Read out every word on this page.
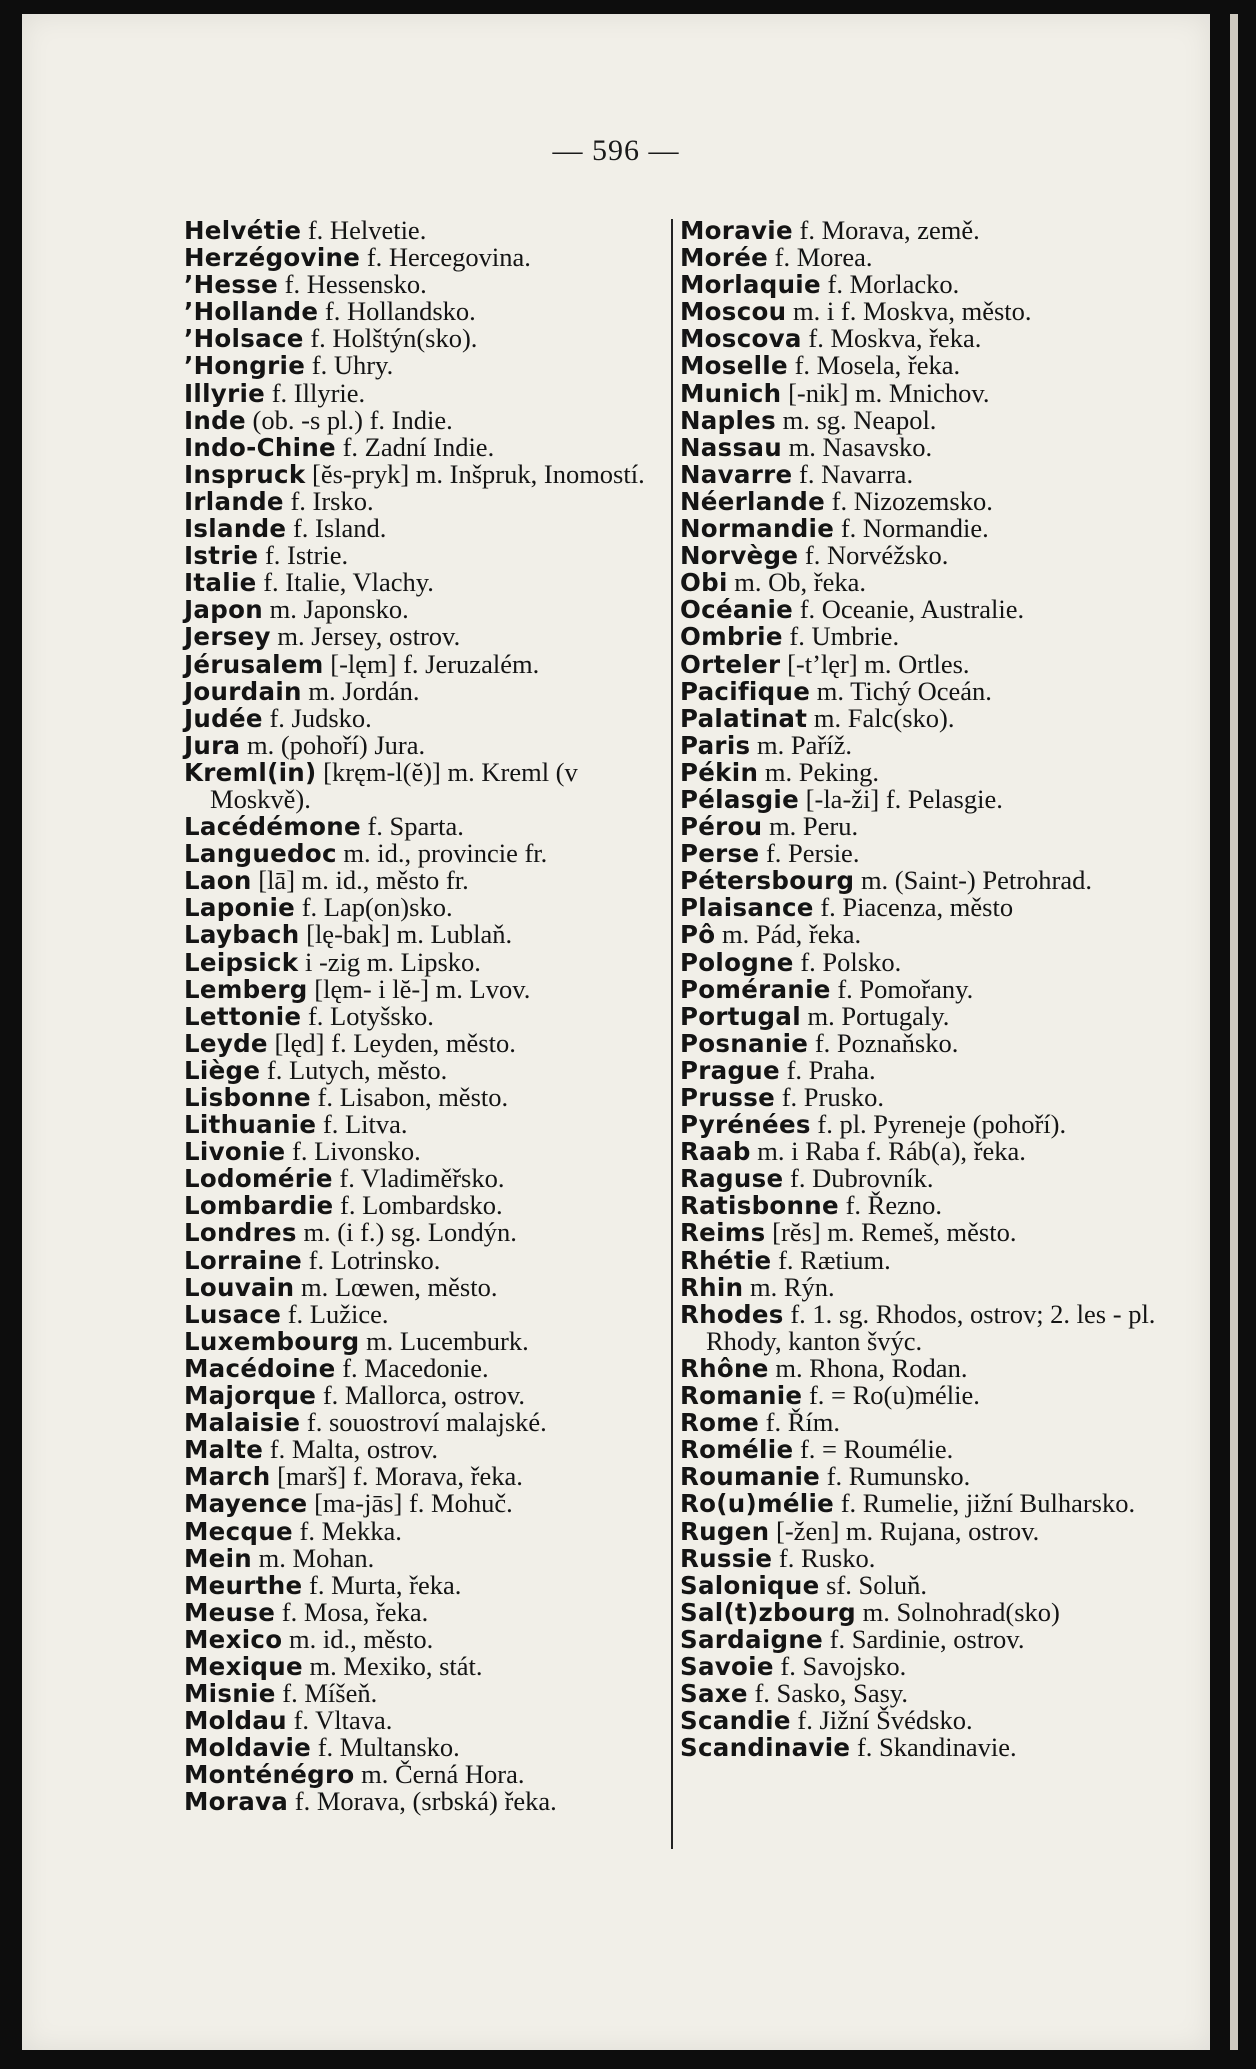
— 596 —

Helvétie f. Helvetie.

Herzégovine f. Hercegovina.

’Hesse f. Hessensko.

’Hollande f. Hollandsko.

’Holsace f. Holštýn(sko).

’Hongrie f. Uhry.

Illyrie f. Illyrie.

Inde (ob. -s pl.) f. Indie.

Indo-Chine f. Zadní Indie.

Inspruck [ĕs-pryk] m. Inšpruk, Inomostí.

Irlande f. Irsko.

Islande f. Island.

Istrie f. Istrie.

Italie f. Italie, Vlachy.

Japon m. Japonsko.

Jersey m. Jersey, ostrov.

Jérusalem [-lęm] f. Jeruzalém.

Jourdain m. Jordán.

Judée f. Judsko.

Jura m. (pohoří) Jura.

Kreml(in) [kręm-l(ĕ)] m. Kreml (v Moskvě).

Lacédémone f. Sparta.

Languedoc m. id., provincie fr.

Laon [lā] m. id., město fr.

Laponie f. Lap(on)sko.

Laybach [lę-bak] m. Lublaň.

Leipsick i -zig m. Lipsko.

Lemberg [lęm- i lĕ-] m. Lvov.

Lettonie f. Lotyšsko.

Leyde [lęd] f. Leyden, město.

Liège f. Lutych, město.

Lisbonne f. Lisabon, město.

Lithuanie f. Litva.

Livonie f. Livonsko.

Lodomérie f. Vladiměřsko.

Lombardie f. Lombardsko.

Londres m. (i f.) sg. Londýn.

Lorraine f. Lotrinsko.

Louvain m. Lœwen, město.

Lusace f. Lužice.

Luxembourg m. Lucemburk.

Macédoine f. Macedonie.

Majorque f. Mallorca, ostrov.

Malaisie f. souostroví malajské.

Malte f. Malta, ostrov.

March [marš] f. Morava, řeka.

Mayence [ma-jās] f. Mohuč.

Mecque f. Mekka.

Mein m. Mohan.

Meurthe f. Murta, řeka.

Meuse f. Mosa, řeka.

Mexico m. id., město.

Mexique m. Mexiko, stát.

Misnie f. Míšeň.

Moldau f. Vltava.

Moldavie f. Multansko.

Monténégro m. Černá Hora.

Morava f. Morava, (srbská) řeka.

Moravie f. Morava, země.

Morée f. Morea.

Morlaquie f. Morlacko.

Moscou m. i f. Moskva, město.

Moscova f. Moskva, řeka.

Moselle f. Mosela, řeka.

Munich [-nik] m. Mnichov.

Naples m. sg. Neapol.

Nassau m. Nasavsko.

Navarre f. Navarra.

Néerlande f. Nizozemsko.

Normandie f. Normandie.

Norvège f. Norvéžsko.

Obi m. Ob, řeka.

Océanie f. Oceanie, Australie.

Ombrie f. Umbrie.

Orteler [-t’lęr] m. Ortles.

Pacifique m. Tichý Oceán.

Palatinat m. Falc(sko).

Paris m. Paříž.

Pékin m. Peking.

Pélasgie [-la-ži] f. Pelasgie.

Pérou m. Peru.

Perse f. Persie.

Pétersbourg m. (Saint-) Petrohrad.

Plaisance f. Piacenza, město

Pô m. Pád, řeka.

Pologne f. Polsko.

Poméranie f. Pomořany.

Portugal m. Portugaly.

Posnanie f. Poznaňsko.

Prague f. Praha.

Prusse f. Prusko.

Pyrénées f. pl. Pyreneje (pohoří).

Raab m. i Raba f. Ráb(a), řeka.

Raguse f. Dubrovník.

Ratisbonne f. Řezno.

Reims [rĕs] m. Remeš, město.

Rhétie f. Rætium.

Rhin m. Rýn.

Rhodes f. 1. sg. Rhodos, ostrov; 2. les - pl. Rhody, kanton švýc.

Rhône m. Rhona, Rodan.

Romanie f. = Ro(u)mélie.

Rome f. Řím.

Romélie f. = Roumélie.

Roumanie f. Rumunsko.

Ro(u)mélie f. Rumelie, jižní Bulharsko.

Rugen [-žen] m. Rujana, ostrov.

Russie f. Rusko.

Salonique sf. Soluň.

Sal(t)zbourg m. Solnohrad(sko)

Sardaigne f. Sardinie, ostrov.

Savoie f. Savojsko.

Saxe f. Sasko, Sasy.

Scandie f. Jižní Švédsko.

Scandinavie f. Skandinavie.
